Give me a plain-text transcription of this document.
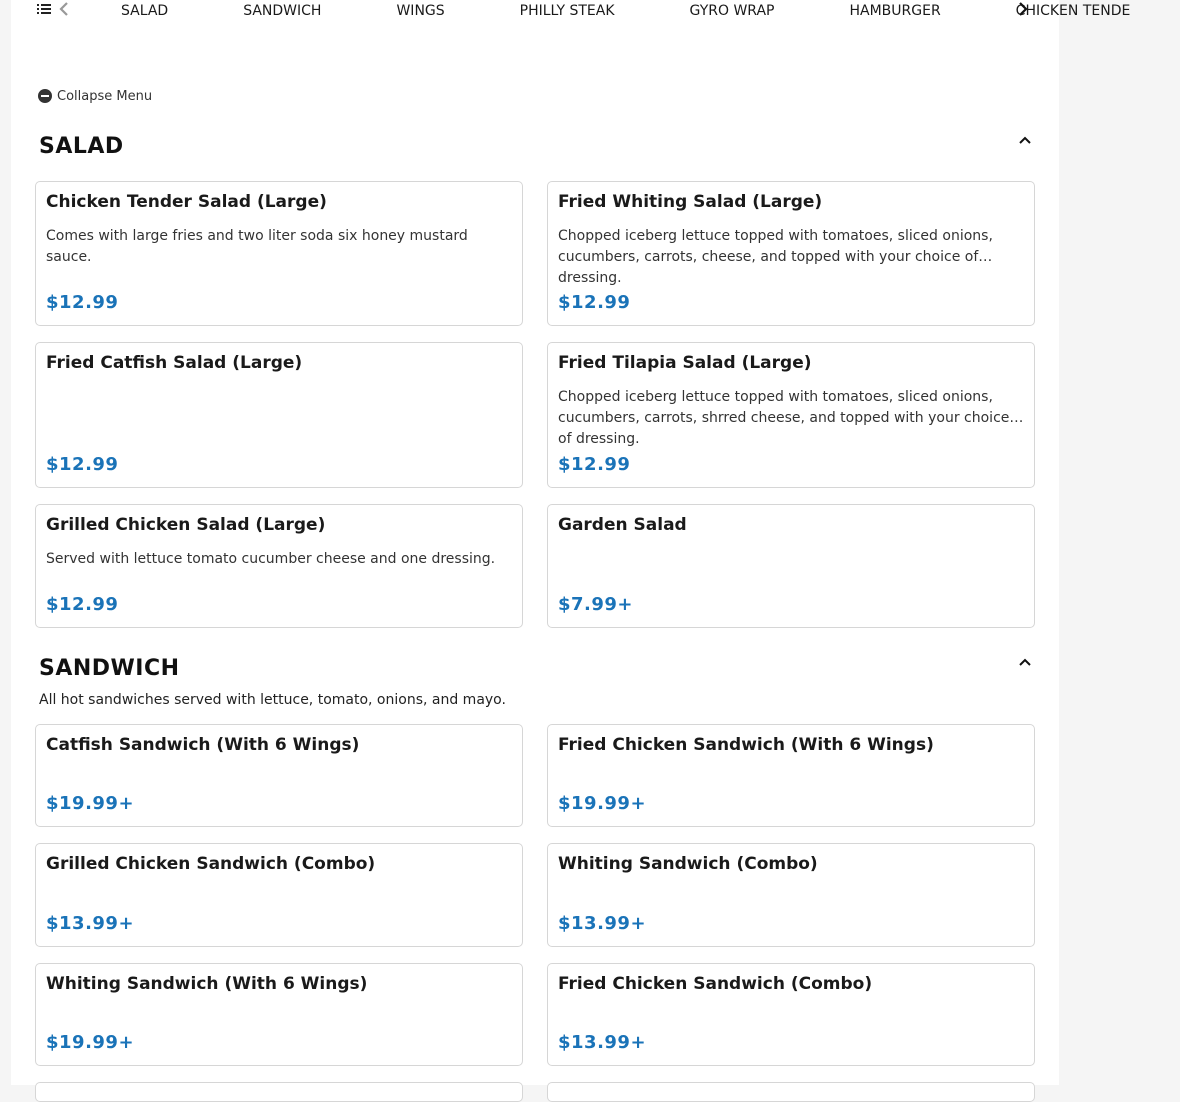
SALAD	SANDWICH	WINGS	PHILLY STEAK	GYRO WRAP	HAMBURGER	CHICKEN TENDE
Collapse Menu
SALAD
Chicken Tender Salad (Large)
Comes with large fries and two liter soda six honey mustard sauce.
$12.99
Fried Whiting Salad (Large)
Chopped iceberg lettuce topped with tomatoes, sliced onions, cucumbers, carrots, cheese, and topped with your choice of dressing.
$12.99
Fried Catfish Salad (Large)
$12.99
Fried Tilapia Salad (Large)
Chopped iceberg lettuce topped with tomatoes, sliced onions, cucumbers, carrots, shrred cheese, and topped with your choice of dressing.
$12.99
Grilled Chicken Salad (Large)
Served with lettuce tomato cucumber cheese and one dressing.
$12.99
Garden Salad
$7.99+
SANDWICH
All hot sandwiches served with lettuce, tomato, onions, and mayo.
Catfish Sandwich (With 6 Wings)
$19.99+
Fried Chicken Sandwich (With 6 Wings)
$19.99+
Grilled Chicken Sandwich (Combo)
$13.99+
Whiting Sandwich (Combo)
$13.99+
Whiting Sandwich (With 6 Wings)
$19.99+
Fried Chicken Sandwich (Combo)
$13.99+
